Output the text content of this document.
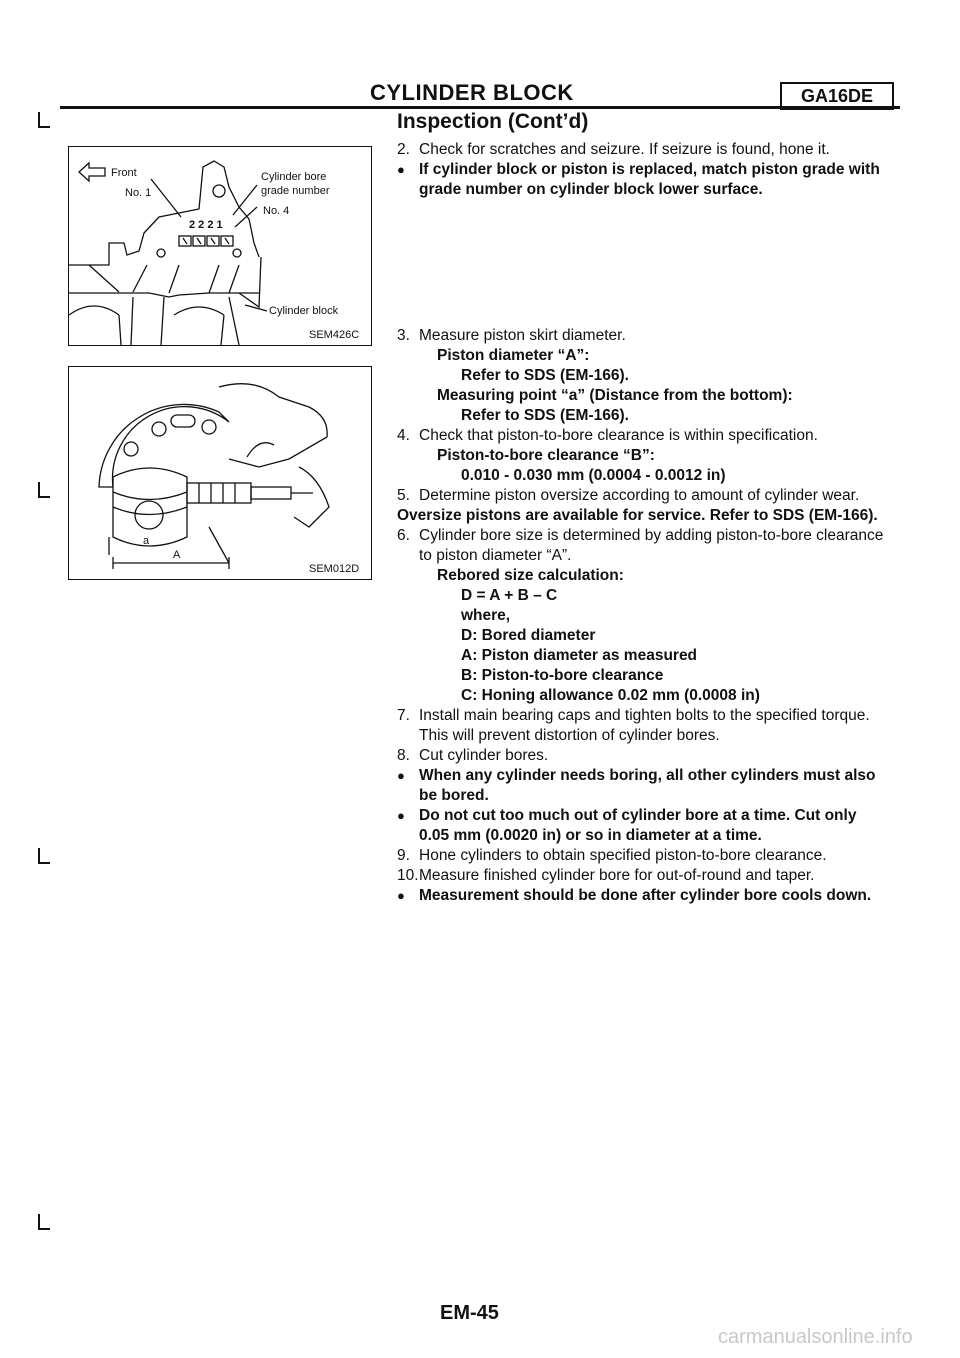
CYLINDER BLOCK	GA16DE
Inspection (Cont’d)
Front
No. 1
Cylinder bore
grade number
No. 4
2 2 2 1
Cylinder block
SEM426C
a
A
SEM012D
2. Check for scratches and seizure. If seizure is found, hone it.
● If cylinder block or piston is replaced, match piston grade with grade number on cylinder block lower surface.
3. Measure piston skirt diameter.
Piston diameter “A”:
Refer to SDS (EM-166).
Measuring point “a” (Distance from the bottom):
Refer to SDS (EM-166).
4. Check that piston-to-bore clearance is within specification.
Piston-to-bore clearance “B”:
0.010 - 0.030 mm (0.0004 - 0.0012 in)
5. Determine piston oversize according to amount of cylinder wear.
Oversize pistons are available for service. Refer to SDS (EM-166).
6. Cylinder bore size is determined by adding piston-to-bore clearance to piston diameter “A”.
Rebored size calculation:
D = A + B – C
where,
D: Bored diameter
A: Piston diameter as measured
B: Piston-to-bore clearance
C: Honing allowance 0.02 mm (0.0008 in)
7. Install main bearing caps and tighten bolts to the specified torque. This will prevent distortion of cylinder bores.
8. Cut cylinder bores.
● When any cylinder needs boring, all other cylinders must also be bored.
● Do not cut too much out of cylinder bore at a time. Cut only 0.05 mm (0.0020 in) or so in diameter at a time.
9. Hone cylinders to obtain specified piston-to-bore clearance.
10. Measure finished cylinder bore for out-of-round and taper.
● Measurement should be done after cylinder bore cools down.
EM-45
carmanualsonline.info
